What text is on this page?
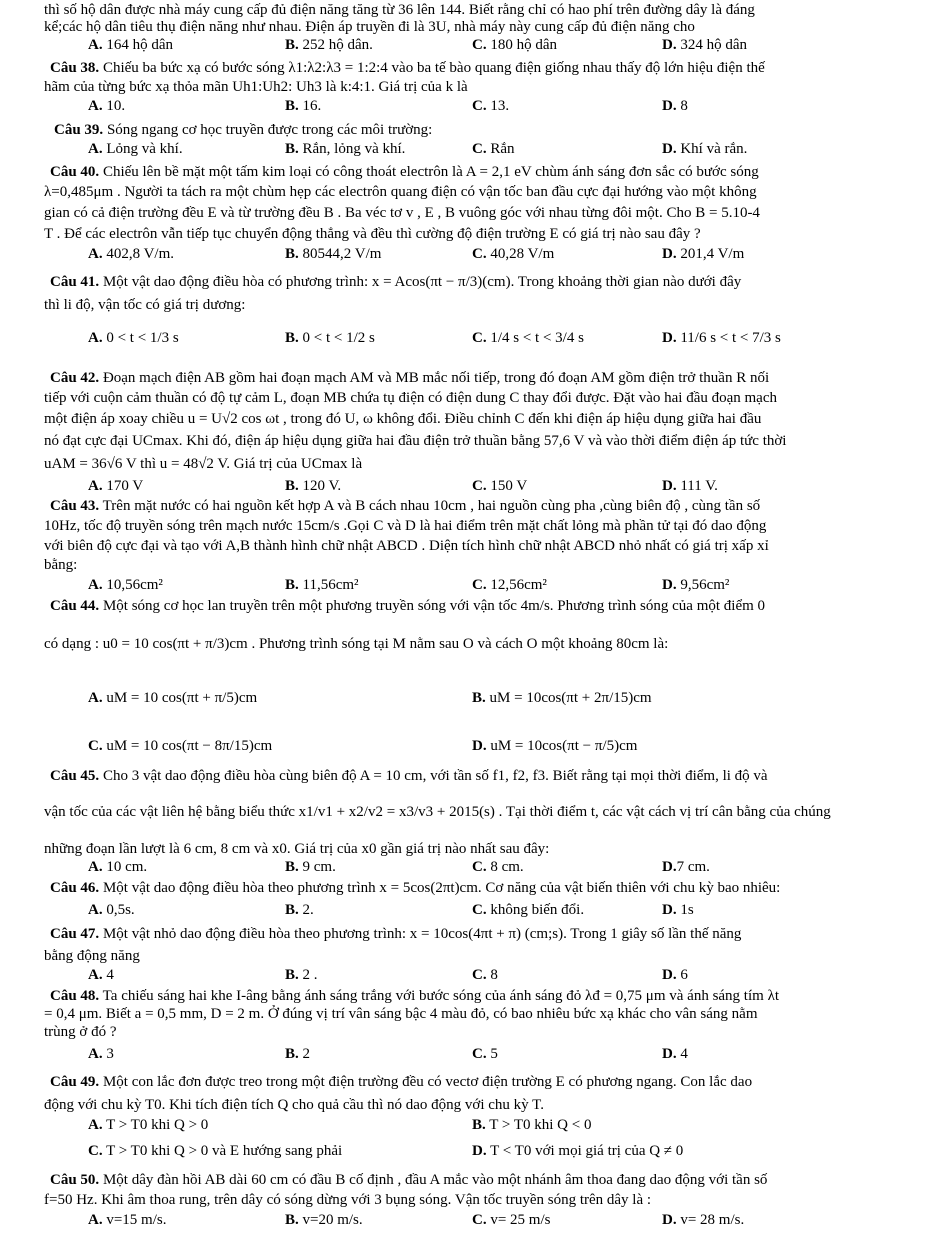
thì số hộ dân được nhà máy cung cấp đủ điện năng tăng từ 36 lên 144. Biết rằng chỉ có hao phí trên đường dây là đáng
kể;các hộ dân tiêu thụ điện năng như nhau. Điện áp truyền đi là 3U, nhà máy này cung cấp đủ điện năng cho
A. 164 hộ dân	B. 252 hộ dân.	C. 180 hộ dân	D. 324 hộ dân
Câu 38. Chiếu ba bức xạ có bước sóng λ1:λ2:λ3 = 1:2:4 vào ba tế bào quang điện giống nhau thấy độ lớn hiệu điện thế
hãm của từng bức xạ thỏa mãn Uh1:Uh2: Uh3 là k:4:1. Giá trị của k là
A. 10.	B. 16.	C. 13.	D. 8
Câu 39. Sóng ngang cơ học truyền được trong các môi trường:
A. Lỏng và khí.	B. Rắn, lỏng và khí.	C. Rắn	D. Khí và rắn.
Câu 40. Chiếu lên bề mặt một tấm kim loại có công thoát electrôn là A = 2,1 eV chùm ánh sáng đơn sắc có bước sóng
λ=0,485μm . Người ta tách ra một chùm hẹp các electrôn quang điện có vận tốc ban đầu cực đại hướng vào một không
gian có cả điện trường đều E và từ trường đều B . Ba véc tơ v , E , B vuông góc với nhau từng đôi một. Cho B = 5.10-4
T . Để các electrôn vẫn tiếp tục chuyển động thẳng và đều thì cường độ điện trường E có giá trị nào sau đây ?
A. 402,8 V/m.	B. 80544,2 V/m	C. 40,28 V/m	D. 201,4 V/m
Câu 41. Một vật dao động điều hòa có phương trình: x = Acos(πt − π/3)(cm). Trong khoảng thời gian nào dưới đây
thì li độ, vận tốc có giá trị dương:
A. 0 < t < 1/3 s	B. 0 < t < 1/2 s	C. 1/4 s < t < 3/4 s	D. 11/6 s < t < 7/3 s
Câu 42. Đoạn mạch điện AB gồm hai đoạn mạch AM và MB mắc nối tiếp, trong đó đoạn AM gồm điện trở thuần R nối
tiếp với cuộn cảm thuần có độ tự cảm L, đoạn MB chứa tụ điện có điện dung C thay đổi được. Đặt vào hai đầu đoạn mạch
một điện áp xoay chiều u = U√2 cos ωt , trong đó U, ω không đổi. Điều chỉnh C đến khi điện áp hiệu dụng giữa hai đầu
nó đạt cực đại UCmax. Khi đó, điện áp hiệu dụng giữa hai đầu điện trở thuần bằng 57,6 V và vào thời điểm điện áp tức thời
uAM = 36√6 V thì u = 48√2 V. Giá trị của UCmax là
A. 170 V	B. 120 V.	C. 150 V	D. 111 V.
Câu 43. Trên mặt nước có hai nguồn kết hợp A và B cách nhau 10cm , hai nguồn cùng pha ,cùng biên độ , cùng tần số
10Hz, tốc độ truyền sóng trên mạch nước 15cm/s .Gọi C và D là hai điểm trên mặt chất lỏng mà phần tử tại đó dao động
với biên độ cực đại và tạo với A,B thành hình chữ nhật ABCD . Diện tích hình chữ nhật ABCD nhỏ nhất có giá trị xấp xỉ
bằng:
A. 10,56cm²	B. 11,56cm²	C. 12,56cm²	D. 9,56cm²
Câu 44. Một sóng cơ học lan truyền trên một phương truyền sóng với vận tốc 4m/s. Phương trình sóng của một điểm 0
có dạng : u0 = 10 cos(πt + π/3)cm . Phương trình sóng tại M nằm sau O và cách O một khoảng 80cm là:
A. uM = 10 cos(πt + π/5)cm	B. uM = 10cos(πt + 2π/15)cm
C. uM = 10 cos(πt − 8π/15)cm	D. uM = 10cos(πt − π/5)cm
Câu 45. Cho 3 vật dao động điều hòa cùng biên độ A = 10 cm, với tần số f1, f2, f3. Biết rằng tại mọi thời điểm, li độ và
vận tốc của các vật liên hệ bằng biểu thức x1/v1 + x2/v2 = x3/v3 + 2015(s) . Tại thời điểm t, các vật cách vị trí cân bằng của chúng
những đoạn lần lượt là 6 cm, 8 cm và x0. Giá trị của x0 gần giá trị nào nhất sau đây:
A. 10 cm.	B. 9 cm.	C. 8 cm.	D.7 cm.
Câu 46. Một vật dao động điều hòa theo phương trình x = 5cos(2πt)cm. Cơ năng của vật biến thiên với chu kỳ bao nhiêu:
A. 0,5s.	B. 2.	C. không biến đổi.	D. 1s
Câu 47. Một vật nhỏ dao động điều hòa theo phương trình: x = 10cos(4πt + π) (cm;s). Trong 1 giây số lần thế năng
bằng động năng
A. 4	B. 2 .	C. 8	D. 6
Câu 48. Ta chiếu sáng hai khe I-âng bằng ánh sáng trắng với bước sóng của ánh sáng đỏ λđ = 0,75 μm và ánh sáng tím λt
= 0,4 μm. Biết a = 0,5 mm, D = 2 m. Ở đúng vị trí vân sáng bậc 4 màu đỏ, có bao nhiêu bức xạ khác cho vân sáng nằm
trùng ở đó ?
A. 3	B. 2	C. 5	D. 4
Câu 49. Một con lắc đơn được treo trong một điện trường đều có vectơ điện trường E có phương ngang. Con lắc dao
động với chu kỳ T0. Khi tích điện tích Q cho quả cầu thì nó dao động với chu kỳ T.
A. T > T0 khi Q > 0	B. T > T0 khi Q < 0
C. T > T0 khi Q > 0 và E hướng sang phải	D. T < T0 với mọi giá trị của Q ≠ 0
Câu 50. Một dây đàn hồi AB dài 60 cm có đầu B cố định , đầu A mắc vào một nhánh âm thoa đang dao động với tần số
f=50 Hz. Khi âm thoa rung, trên dây có sóng dừng với 3 bụng sóng. Vận tốc truyền sóng trên dây là :
A. v=15 m/s.	B. v=20 m/s.	C. v= 25 m/s	D. v= 28 m/s.
